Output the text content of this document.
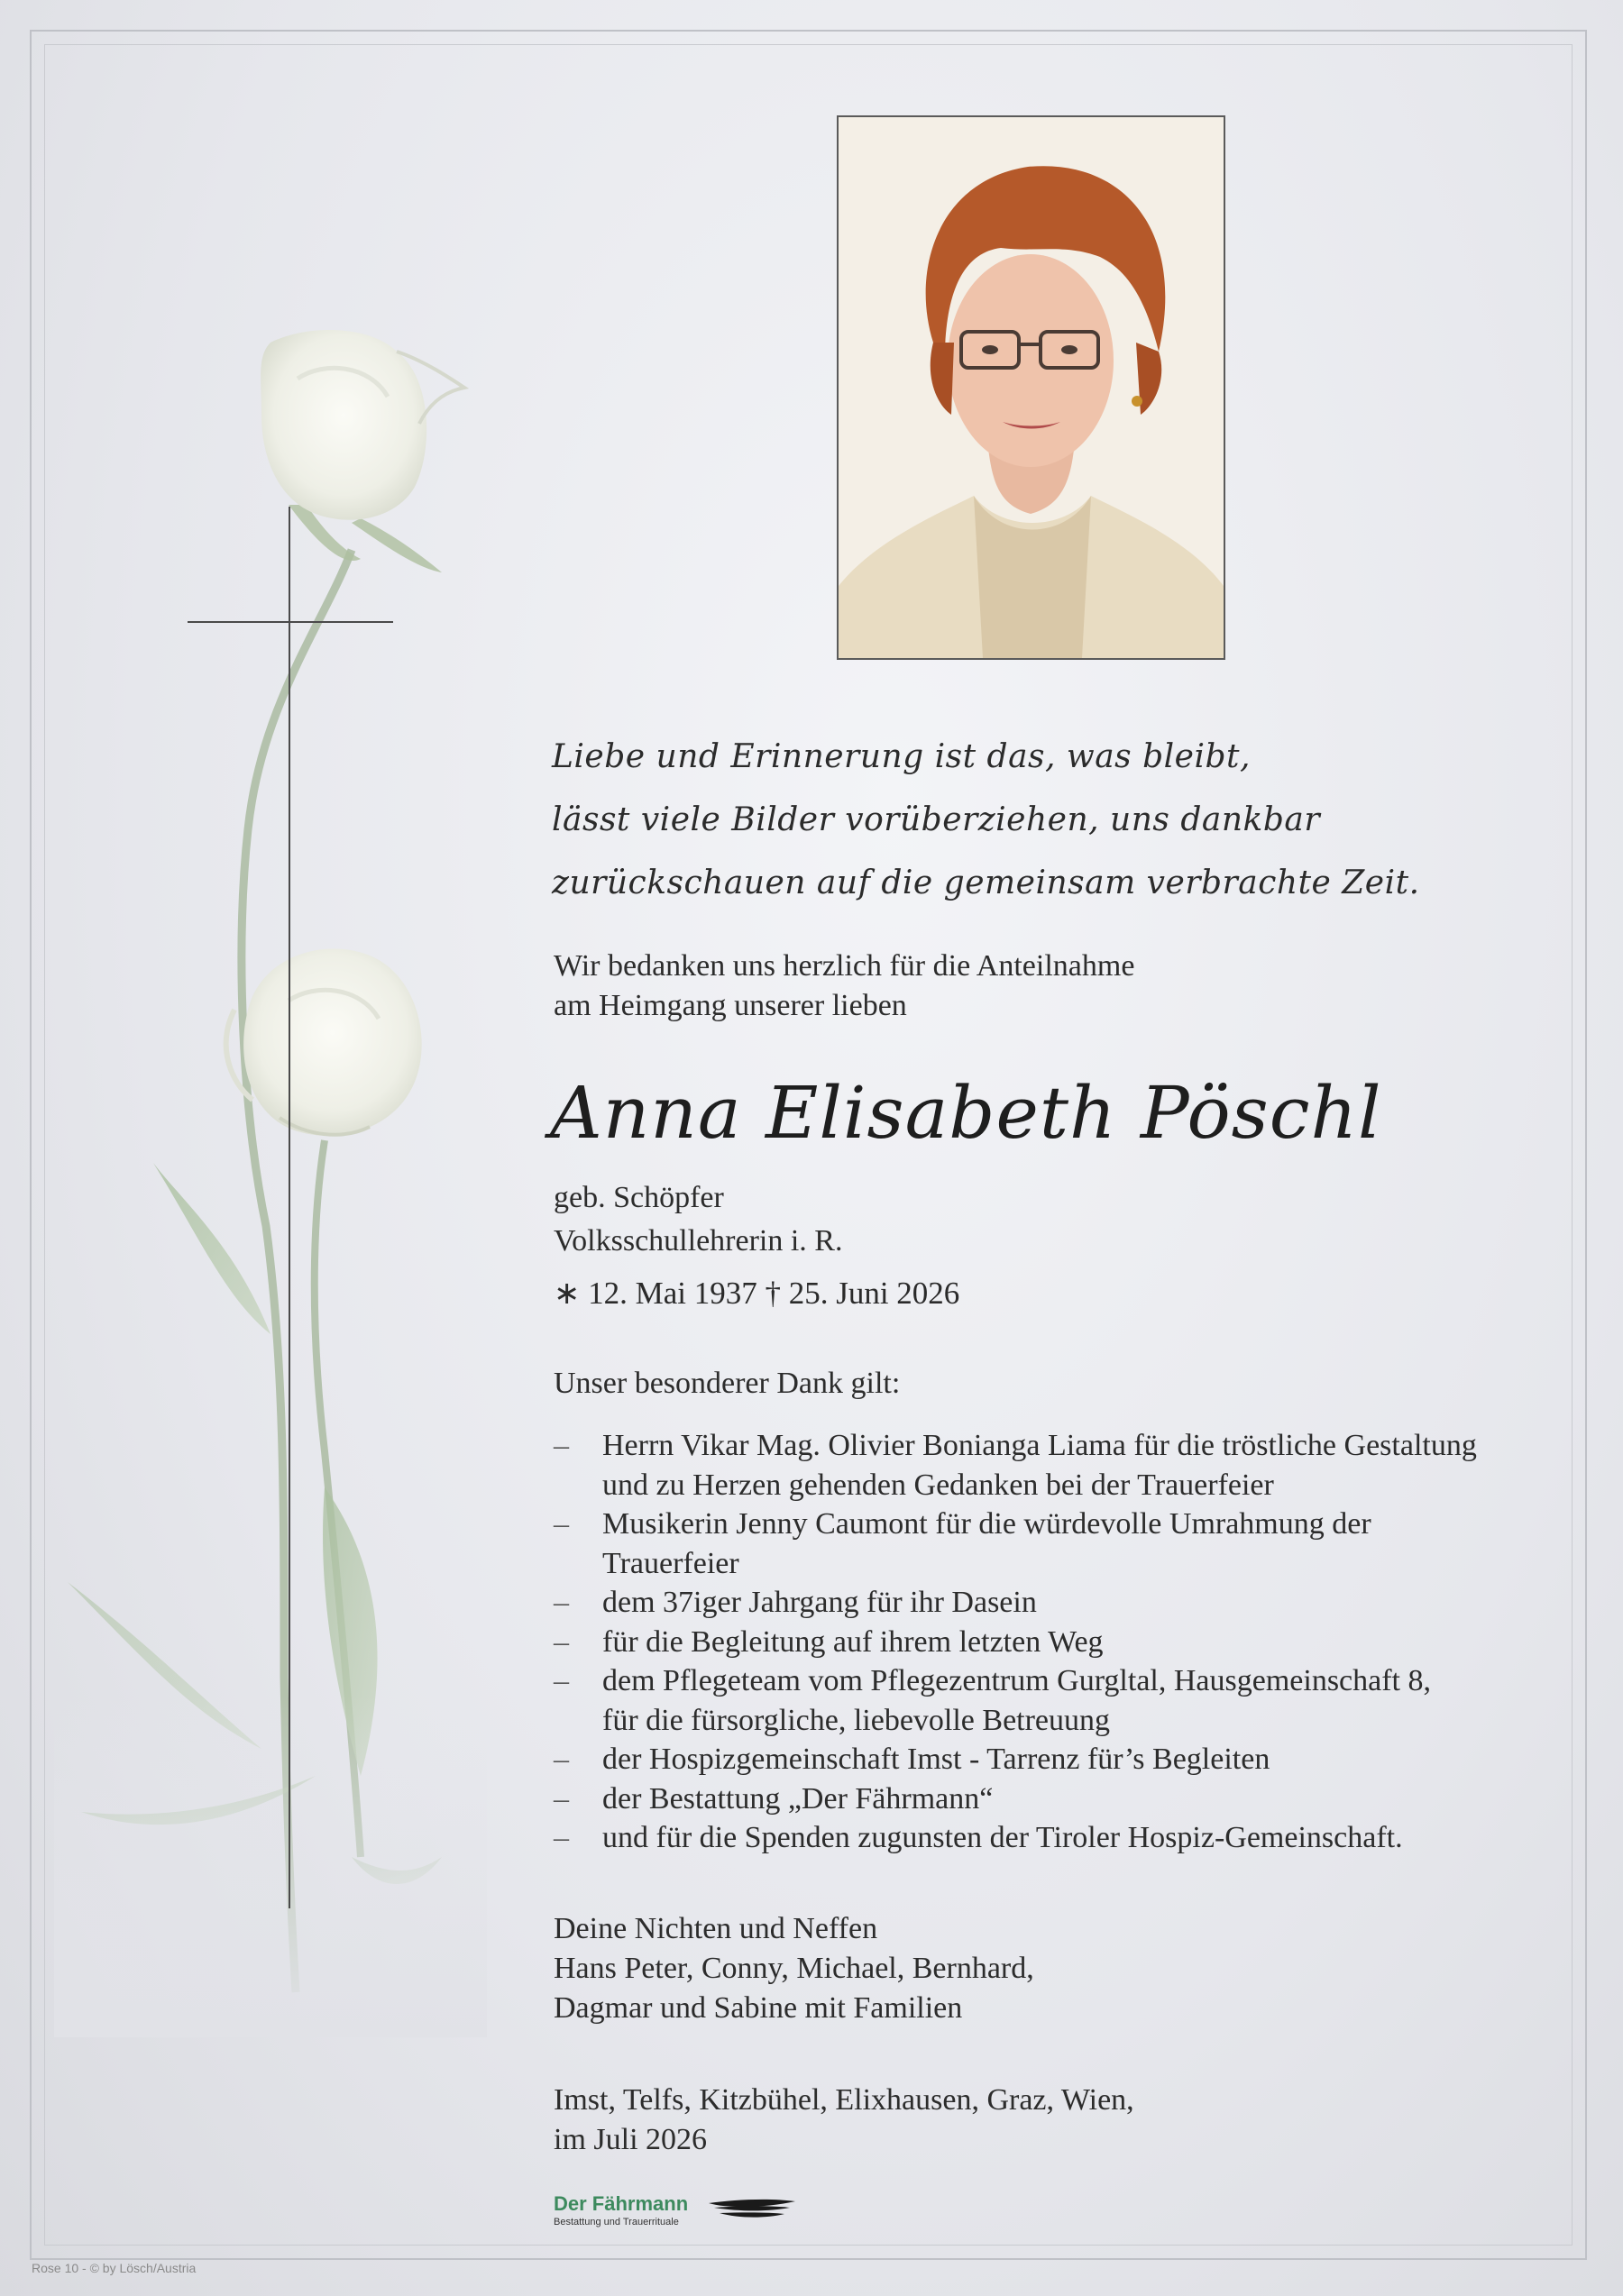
Liebe und Erinnerung ist das, was bleibt,
lässt viele Bilder vorüberziehen, uns dankbar
zurückschauen auf die gemeinsam verbrachte Zeit.
Wir bedanken uns herzlich für die Anteilnahme
am Heimgang unserer lieben
Anna Elisabeth Pöschl
geb. Schöpfer
Volksschullehrerin i. R.
∗ 12. Mai 1937 † 25. Juni 2026
Unser besonderer Dank gilt:
– Herrn Vikar Mag. Olivier Bonianga Liama für die tröstliche Gestaltung
und zu Herzen gehenden Gedanken bei der Trauerfeier
– Musikerin Jenny Caumont für die würdevolle Umrahmung der
Trauerfeier
– dem 37iger Jahrgang für ihr Dasein
– für die Begleitung auf ihrem letzten Weg
– dem Pflegeteam vom Pflegezentrum Gurgltal, Hausgemeinschaft 8,
für die fürsorgliche, liebevolle Betreuung
– der Hospizgemeinschaft Imst - Tarrenz für’s Begleiten
– der Bestattung „Der Fährmann“
– und für die Spenden zugunsten der Tiroler Hospiz-Gemeinschaft.
Deine Nichten und Neffen
Hans Peter, Conny, Michael, Bernhard,
Dagmar und Sabine mit Familien
Imst, Telfs, Kitzbühel, Elixhausen, Graz, Wien,
im Juli 2026
Der Fährmann
Bestattung und Trauerrituale
Rose 10 - © by Lösch/Austria
